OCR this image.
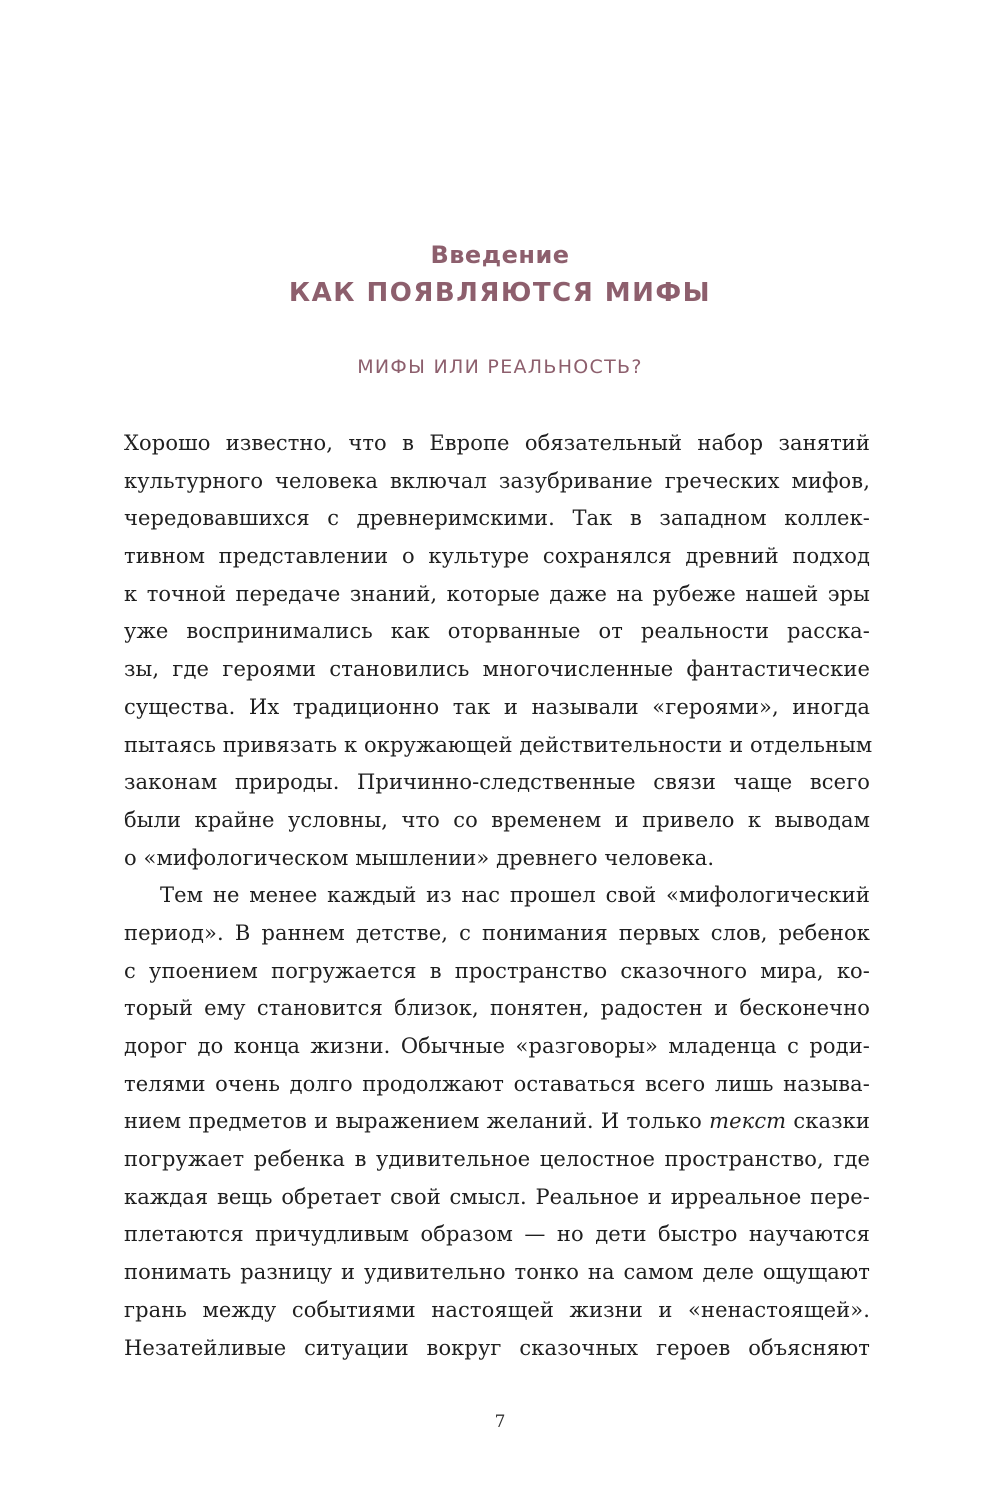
Введение
КАК ПОЯВЛЯЮТСЯ МИФЫ
МИФЫ ИЛИ РЕАЛЬНОСТЬ?
Хорошо известно, что в Европе обязательный набор занятий
культурного человека включал зазубривание греческих мифов,
чередовавшихся с древнеримскими. Так в западном коллек-
тивном представлении о культуре сохранялся древний подход
к точной передаче знаний, которые даже на рубеже нашей эры
уже воспринимались как оторванные от реальности расска-
зы, где героями становились многочисленные фантастические
существа. Их традиционно так и называли «героями», иногда
пытаясь привязать к окружающей действительности и отдельным
законам природы. Причинно-следственные связи чаще всего
были крайне условны, что со временем и привело к выводам
о «мифологическом мышлении» древнего человека.
Тем не менее каждый из нас прошел свой «мифологический
период». В раннем детстве, с понимания первых слов, ребенок
с упоением погружается в пространство сказочного мира, ко-
торый ему становится близок, понятен, радостен и бесконечно
дорог до конца жизни. Обычные «разговоры» младенца с роди-
телями очень долго продолжают оставаться всего лишь называ-
нием предметов и выражением желаний. И только текст сказки
погружает ребенка в удивительное целостное пространство, где
каждая вещь обретает свой смысл. Реальное и ирреальное пере-
плетаются причудливым образом — но дети быстро научаются
понимать разницу и удивительно тонко на самом деле ощущают
грань между событиями настоящей жизни и «ненастоящей».
Незатейливые ситуации вокруг сказочных героев объясняют
7
